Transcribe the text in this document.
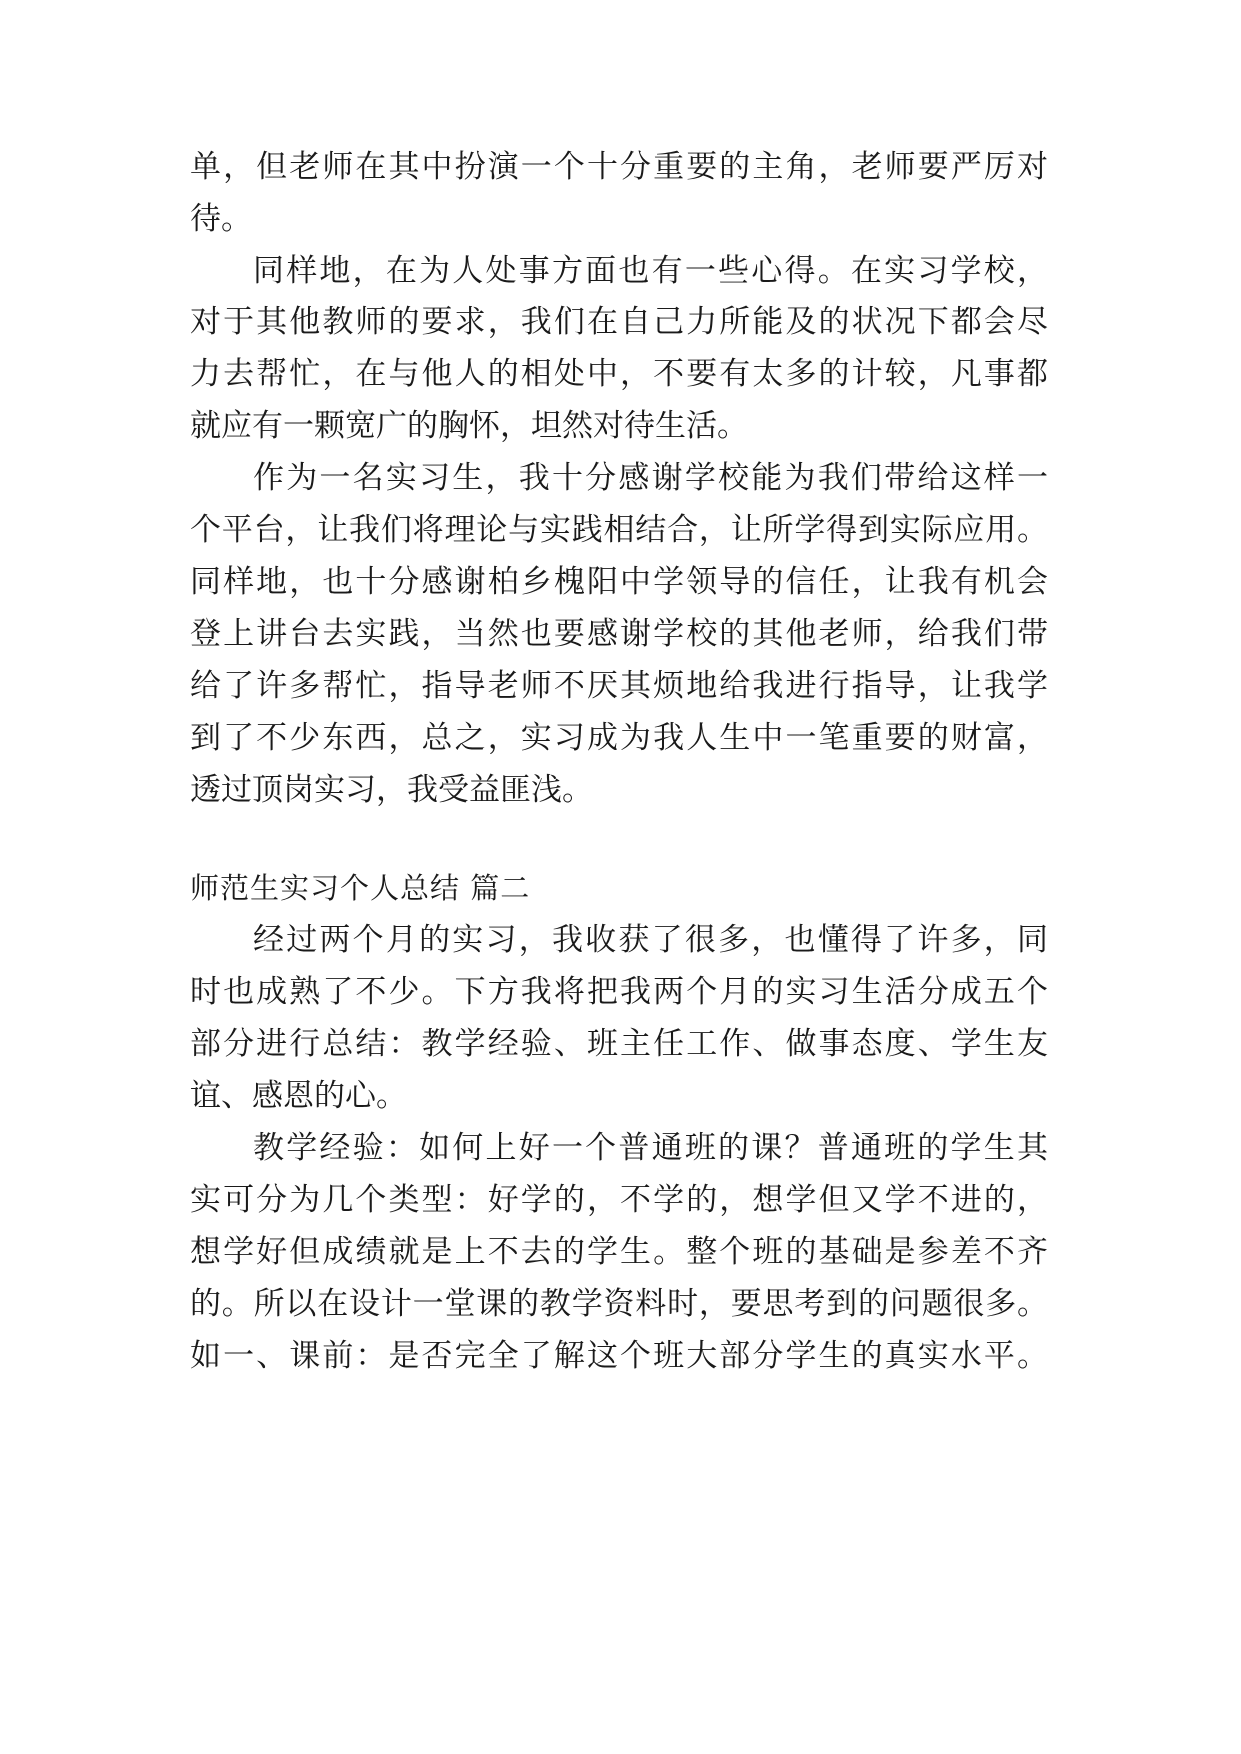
单，但老师在其中扮演一个十分重要的主角，老师要严厉对
待。
同样地，在为人处事方面也有一些心得。在实习学校，
对于其他教师的要求，我们在自己力所能及的状况下都会尽
力去帮忙，在与他人的相处中，不要有太多的计较，凡事都
就应有一颗宽广的胸怀，坦然对待生活。
作为一名实习生，我十分感谢学校能为我们带给这样一
个平台，让我们将理论与实践相结合，让所学得到实际应用。
同样地，也十分感谢柏乡槐阳中学领导的信任，让我有机会
登上讲台去实践，当然也要感谢学校的其他老师，给我们带
给了许多帮忙，指导老师不厌其烦地给我进行指导，让我学
到了不少东西，总之，实习成为我人生中一笔重要的财富，
透过顶岗实习，我受益匪浅。
师范生实习个人总结 篇二
经过两个月的实习，我收获了很多，也懂得了许多，同
时也成熟了不少。下方我将把我两个月的实习生活分成五个
部分进行总结：教学经验、班主任工作、做事态度、学生友
谊、感恩的心。
教学经验：如何上好一个普通班的课？普通班的学生其
实可分为几个类型：好学的，不学的，想学但又学不进的，
想学好但成绩就是上不去的学生。整个班的基础是参差不齐
的。所以在设计一堂课的教学资料时，要思考到的问题很多。
如一、课前：是否完全了解这个班大部分学生的真实水平。
